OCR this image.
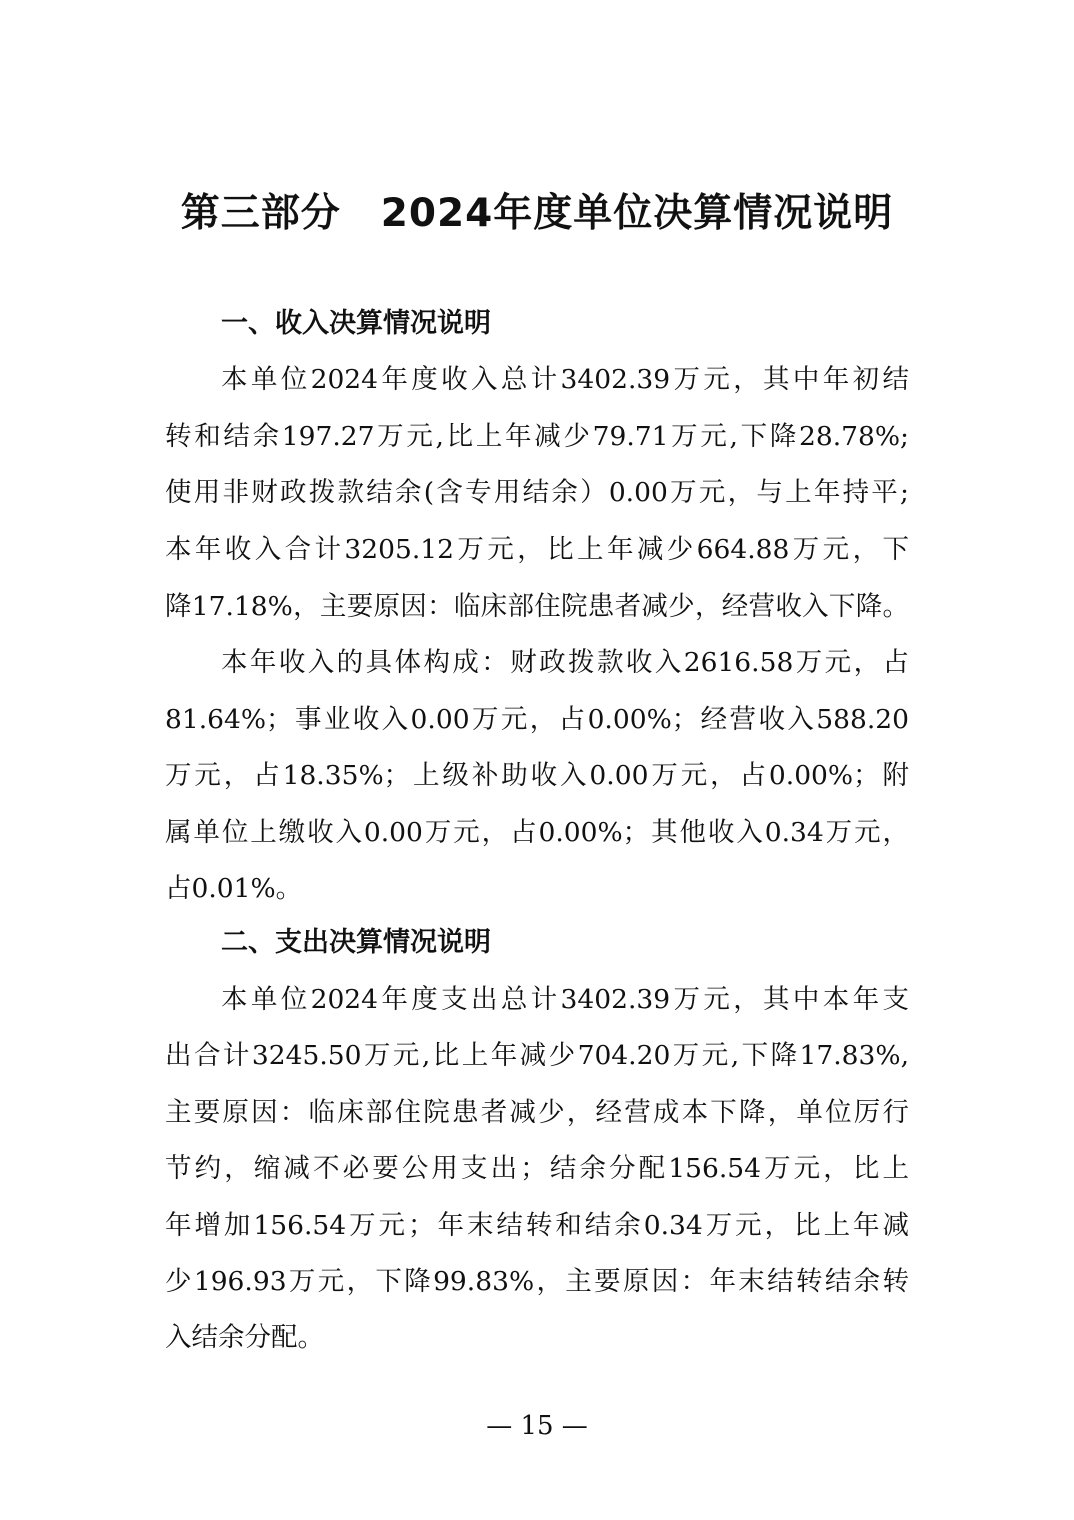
第三部分　2024年度单位决算情况说明
一、收入决算情况说明
本单位2024年度收入总计3402.39万元，其中年初结
转和结余197.27万元,比上年减少79.71万元,下降28.78%;
使用非财政拨款结余(含专用结余）0.00万元，与上年持平;
本年收入合计3205.12万元，比上年减少664.88万元，下
降17.18%，主要原因：临床部住院患者减少，经营收入下降。
本年收入的具体构成：财政拨款收入2616.58万元，占
81.64%；事业收入0.00万元，占0.00%；经营收入588.20
万元，占18.35%；上级补助收入0.00万元，占0.00%；附
属单位上缴收入0.00万元，占0.00%；其他收入0.34万元，
占0.01%。
二、支出决算情况说明
本单位2024年度支出总计3402.39万元，其中本年支
出合计3245.50万元,比上年减少704.20万元,下降17.83%,
主要原因：临床部住院患者减少，经营成本下降，单位厉行
节约，缩减不必要公用支出；结余分配156.54万元，比上
年增加156.54万元；年末结转和结余0.34万元，比上年减
少196.93万元，下降99.83%，主要原因：年末结转结余转
入结余分配。
— 15 —
